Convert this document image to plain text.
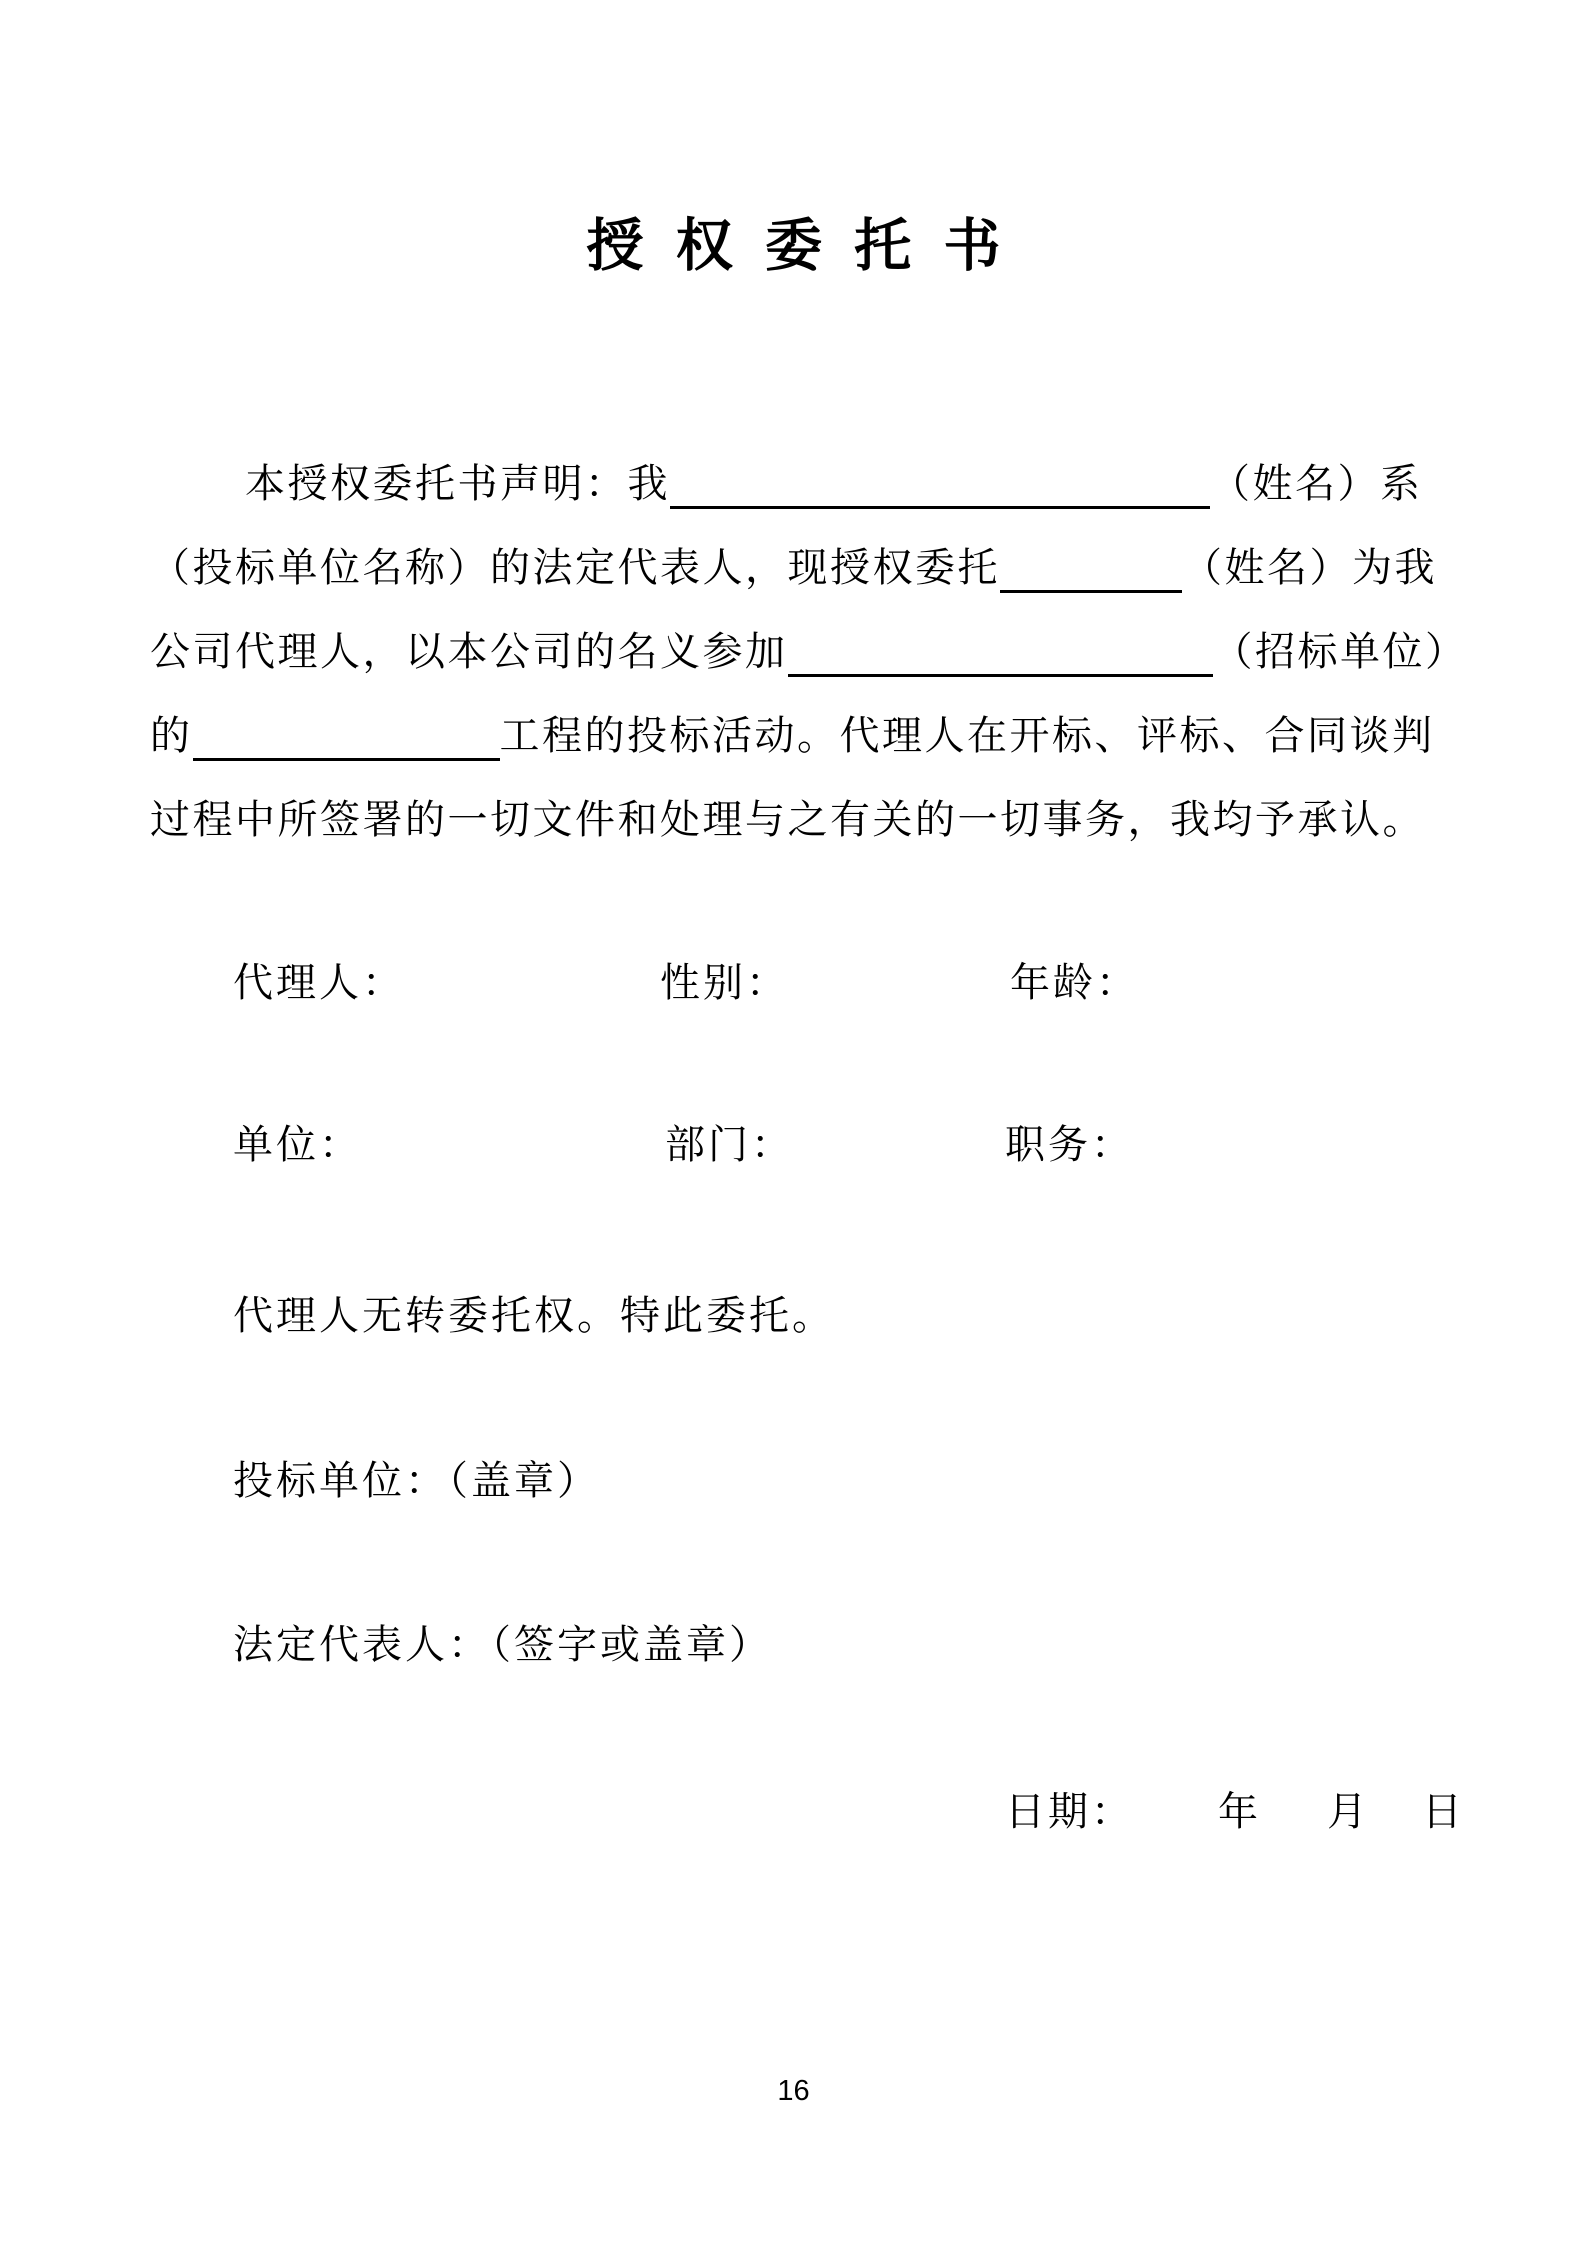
授 权 委 托 书
本授权委托书声明：我	（姓名）系
（投标单位名称）的法定代表人，现授权委托	（姓名）为我
公司代理人，以本公司的名义参加	（招标单位）
的	工程的投标活动。代理人在开标、评标、合同谈判
过程中所签署的一切文件和处理与之有关的一切事务，我均予承认。
代理人：	性别：	年龄：
单位：	部门：	职务：
代理人无转委托权。特此委托。
投标单位：（盖章）
法定代表人：（签字或盖章）
日期： 年 月 日
16
